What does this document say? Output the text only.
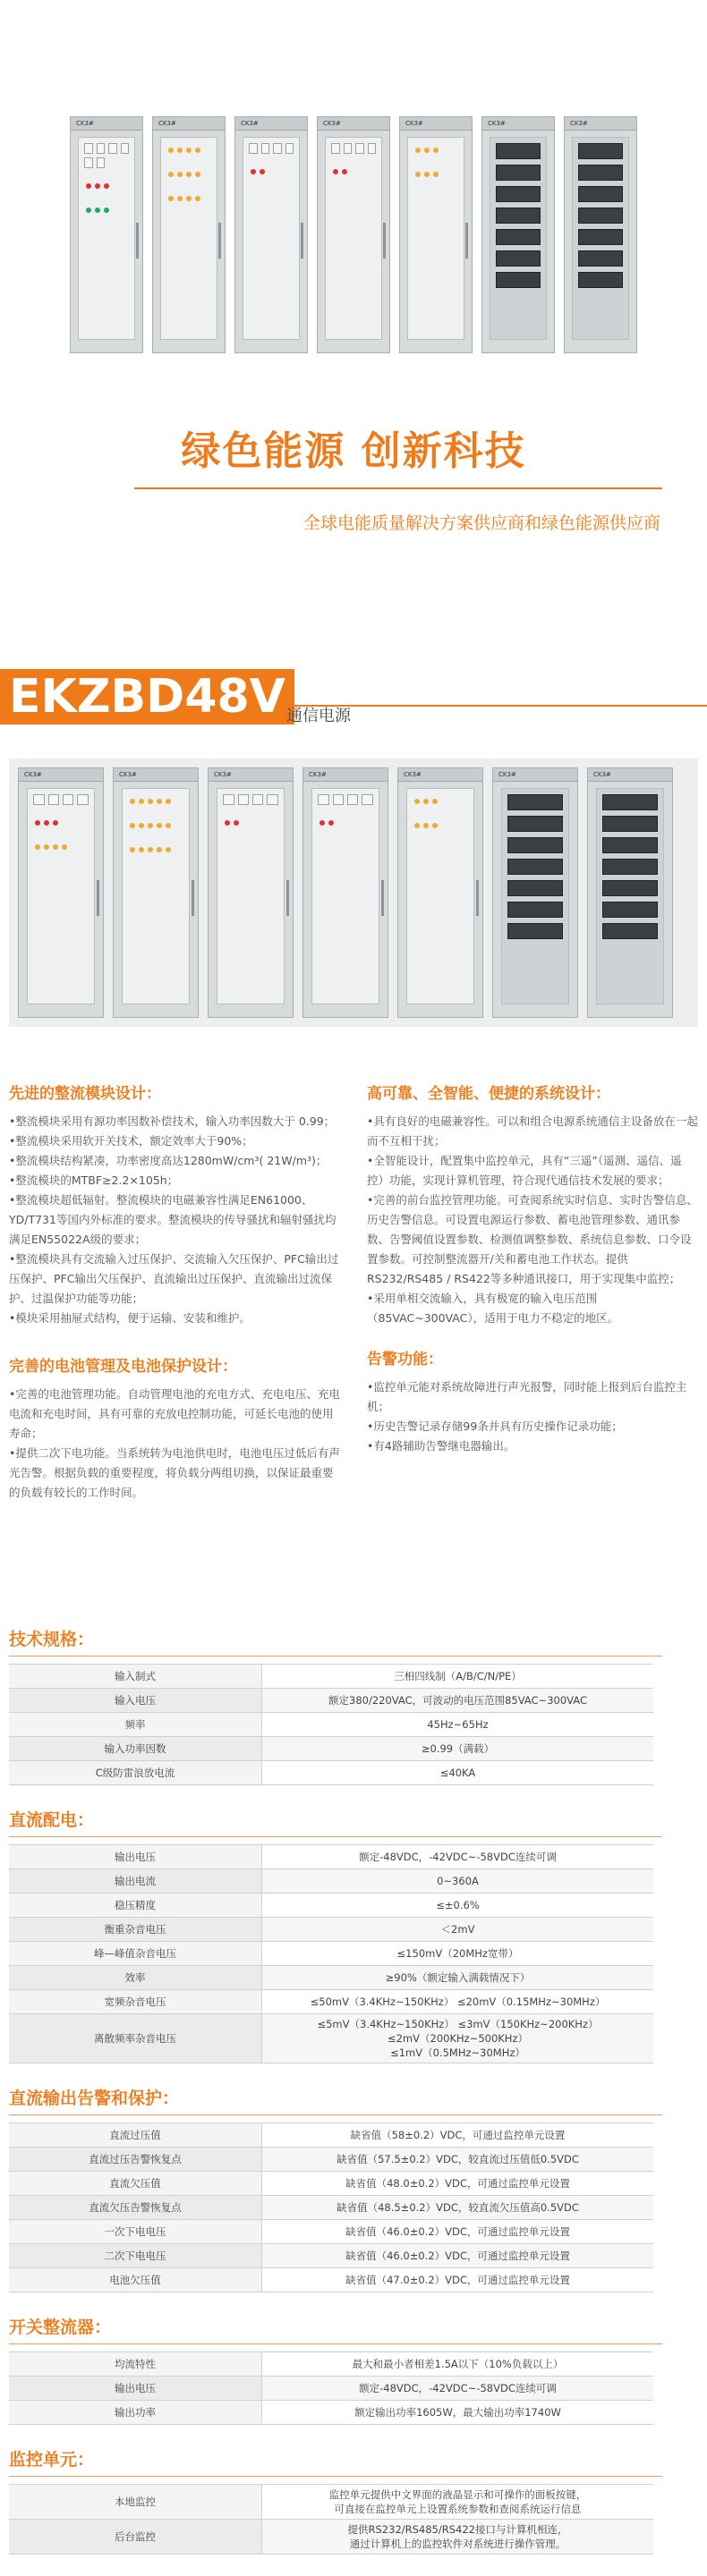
CK3#	CK3#	CK3#	CK3#	CK3#	CK3#	CK3#
绿色能源 创新科技
全球电能质量解决方案供应商和绿色能源供应商
EKZBD48V 通信电源
CK3#	CK3#	CK3#	CK3#	CK3#	CK3#	CK3#
先进的整流模块设计：

•整流模块采用有源功率因数补偿技术，输入功率因数大于 0.99；

•整流模块采用软开关技术，额定效率大于90%；

•整流模块结构紧凑，功率密度高达1280mW/cm³( 21W/m³)；

•整流模块的MTBF≥2.2×105h；

•整流模块超低辐射。整流模块的电磁兼容性满足EN61000、YD/T731等国内外标准的要求。整流模块的传导骚扰和辐射骚扰均满足EN55022A级的要求；

•整流模块具有交流输入过压保护、交流输入欠压保护、PFC输出过压保护、PFC输出欠压保护、直流输出过压保护、直流输出过流保护、过温保护功能等功能；

•模块采用抽屉式结构，便于运输、安装和维护。

完善的电池管理及电池保护设计：

•完善的电池管理功能。自动管理电池的充电方式、充电电压、充电电流和充电时间，具有可靠的充放电控制功能，可延长电池的使用寿命；

•提供二次下电功能。当系统转为电池供电时，电池电压过低后有声光告警。根据负载的重要程度，将负载分两组切换，以保证最重要的负载有较长的工作时间。

高可靠、全智能、便捷的系统设计：

•具有良好的电磁兼容性。可以和组合电源系统通信主设备放在一起而不互相干扰；

•全智能设计，配置集中监控单元，具有“三遥”（遥测、遥信、遥控）功能，实现计算机管理，符合现代通信技术发展的要求；

•完善的前台监控管理功能。可查阅系统实时信息、实时告警信息、历史告警信息。可设置电源运行参数、蓄电池管理参数、通讯参数、告警阈值设置参数、检测值调整参数、系统信息参数、口令设置参数。可控制整流器开/关和蓄电池工作状态。提供RS232/RS485 / RS422等多种通讯接口，用于实现集中监控；

•采用单相交流输入，具有极宽的输入电压范围（85VAC~300VAC），适用于电力不稳定的地区。

告警功能：

•监控单元能对系统故障进行声光报警，同时能上报到后台监控主机；

•历史告警记录存储99条并具有历史操作记录功能；

•有4路辅助告警继电器输出。

技术规格：
输入制式	三相四线制（A/B/C/N/PE）
输入电压	额定380/220VAC，可波动的电压范围85VAC~300VAC
频率	45Hz~65Hz
输入功率因数	≥0.99（满载）
C级防雷浪放电流	≤40KA
直流配电：
输出电压	额定-48VDC，-42VDC~-58VDC连续可调
输出电流	0~360A
稳压精度	≤±0.6%
衡重杂音电压	＜2mV
峰—峰值杂音电压	≤150mV（20MHz宽带）
效率	≥90%（额定输入满载情况下）
宽频杂音电压	≤50mV（3.4KHz~150KHz） ≤20mV（0.15MHz~30MHz）
离散频率杂音电压	≤5mV（3.4KHz~150KHz） ≤3mV（150KHz~200KHz）
≤2mV（200KHz~500KHz）
≤1mV（0.5MHz~30MHz）
直流输出告警和保护：
直流过压值	缺省值（58±0.2）VDC，可通过监控单元设置
直流过压告警恢复点	缺省值（57.5±0.2）VDC，较直流过压值低0.5VDC
直流欠压值	缺省值（48.0±0.2）VDC，可通过监控单元设置
直流欠压告警恢复点	缺省值（48.5±0.2）VDC，较直流欠压值高0.5VDC
一次下电电压	缺省值（46.0±0.2）VDC，可通过监控单元设置
二次下电电压	缺省值（46.0±0.2）VDC，可通过监控单元设置
电池欠压值	缺省值（47.0±0.2）VDC，可通过监控单元设置
开关整流器：
均流特性	最大和最小者相差1.5A以下（10%负载以上）
输出电压	额定-48VDC，-42VDC~-58VDC连续可调
输出功率	额定输出功率1605W，最大输出功率1740W
监控单元：
本地监控	监控单元提供中文界面的液晶显示和可操作的面板按键，
可直接在监控单元上设置系统参数和查阅系统运行信息
后台监控	提供RS232/RS485/RS422接口与计算机相连，
通过计算机上的监控软件对系统进行操作管理。
